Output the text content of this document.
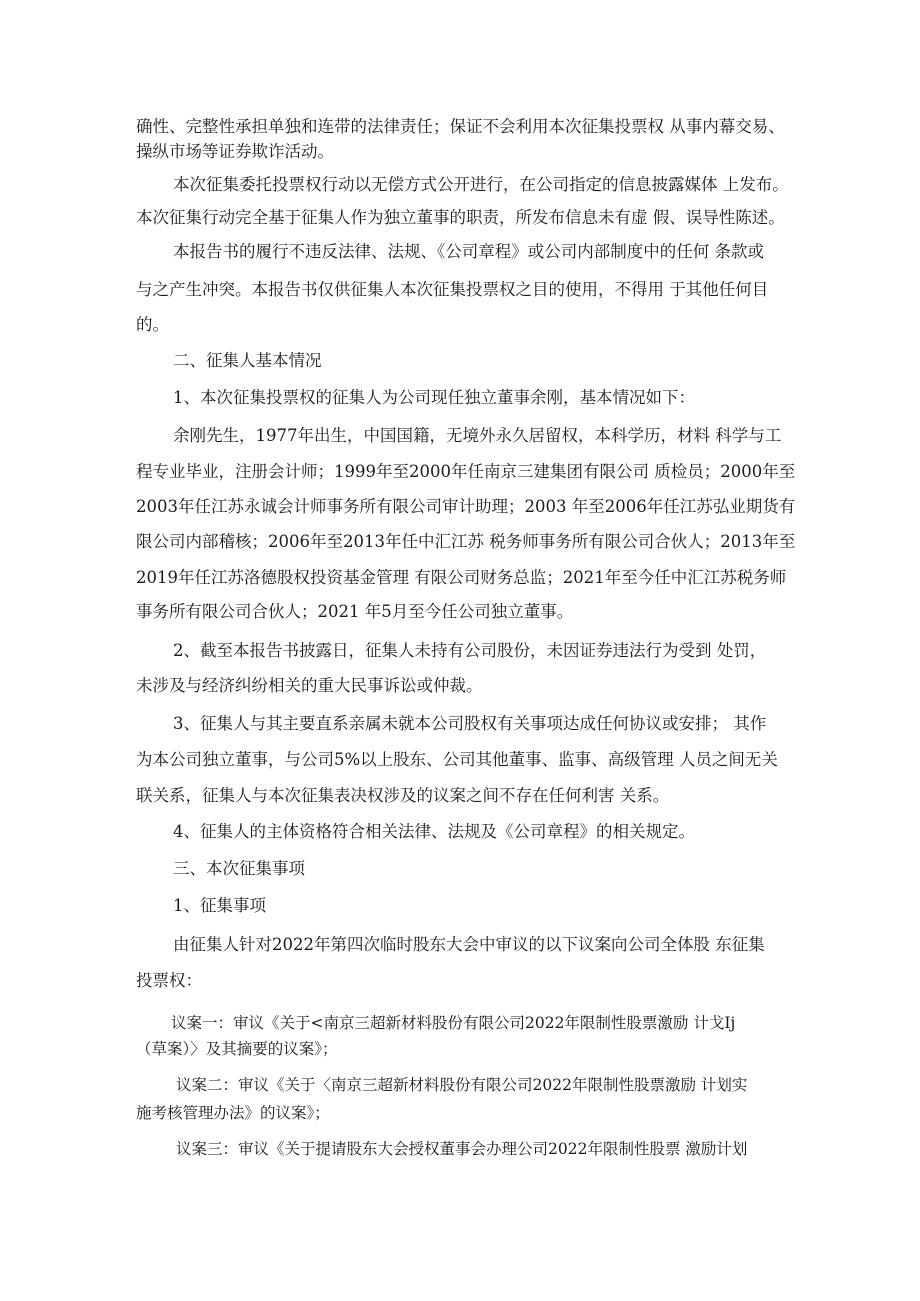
确性、完整性承担单独和连带的法律责任；保证不会利用本次征集投票权 从事内幕交易、

操纵市场等证券欺诈活动。

本次征集委托投票权行动以无偿方式公开进行，在公司指定的信息披露媒体 上发布。

本次征集行动完全基于征集人作为独立董事的职责，所发布信息未有虚 假、误导性陈述。

本报告书的履行不违反法律、法规、《公司章程》或公司内部制度中的任何 条款或

与之产生冲突。本报告书仅供征集人本次征集投票权之目的使用，不得用 于其他任何目

的。

二、征集人基本情况

1、本次征集投票权的征集人为公司现任独立董事余刚，基本情况如下：

余刚先生，1977年出生，中国国籍，无境外永久居留权，本科学历，材料 科学与工

程专业毕业，注册会计师；1999年至2000年任南京三建集团有限公司 质检员；2000年至

2003年任江苏永诚会计师事务所有限公司审计助理；2003 年至2006年任江苏弘业期货有

限公司内部稽核；2006年至2013年任中汇江苏 税务师事务所有限公司合伙人；2013年至

2019年任江苏洛德股权投资基金管理 有限公司财务总监；2021年至今任中汇江苏税务师

事务所有限公司合伙人；2021 年5月至今任公司独立董事。

2、截至本报告书披露日，征集人未持有公司股份，未因证券违法行为受到 处罚，

未涉及与经济纠纷相关的重大民事诉讼或仲裁。

3、征集人与其主要直系亲属未就本公司股权有关事项达成任何协议或安排； 其作

为本公司独立董事，与公司5%以上股东、公司其他董事、监事、高级管理 人员之间无关

联关系，征集人与本次征集表决权涉及的议案之间不存在任何利害 关系。

4、征集人的主体资格符合相关法律、法规及《公司章程》的相关规定。

三、本次征集事项

1、征集事项

由征集人针对2022年第四次临时股东大会中审议的以下议案向公司全体股 东征集

投票权：

议案一：审议《关于<南京三超新材料股份有限公司2022年限制性股票激励 计戈Ij

（草案）〉及其摘要的议案》；

议案二：审议《关于〈南京三超新材料股份有限公司2022年限制性股票激励 计划实

施考核管理办法》的议案》；

议案三：审议《关于提请股东大会授权董事会办理公司2022年限制性股票 激励计划
